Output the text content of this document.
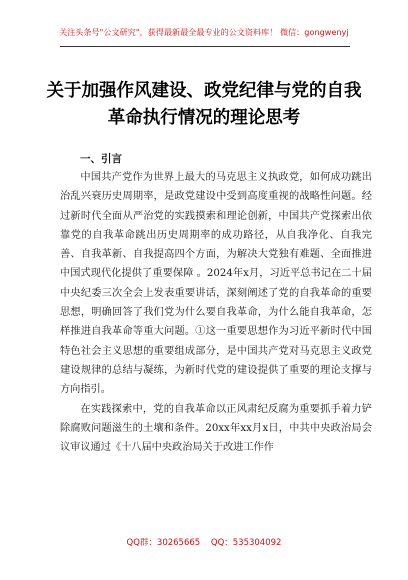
关注头条号"公文研究"，获得最新最全最专业的公文资料库！ 微信：gongwenyj
关于加强作风建设、政党纪律与党的自我革命执行情况的理论思考
一、引言

中国共产党作为世界上最大的马克思主义执政党，如何成功跳出治乱兴衰历史周期率，是政党建设中受到高度重视的战略性问题。经过新时代全面从严治党的实践摸索和理论创新，中国共产党探索出依靠党的自我革命跳出历史周期率的成功路径，从自我净化、自我完善、自我革新、自我提高四个方面，为解决大党独有难题、全面推进中国式现代化提供了重要保障 。2024年x月，习近平总书记在二十届中央纪委三次全会上发表重要讲话，深刻阐述了党的自我革命的重要思想，明确回答了我们党为什么要自我革命，为什么能自我革命，怎样推进自我革命等重大问题。①这一重要思想作为习近平新时代中国特色社会主义思想的重要组成部分，是中国共产党对马克思主义政党建设规律的总结与凝练，为新时代党的建设提供了重要的理论支撑与方向指引。

在实践探索中，党的自我革命以正风肃纪反腐为重要抓手着力铲除腐败问题滋生的土壤和条件。20xx年xx月x日，中共中央政治局会议审议通过《十八届中央政治局关于改进工作作

QQ群：30265665 QQ：535304092
